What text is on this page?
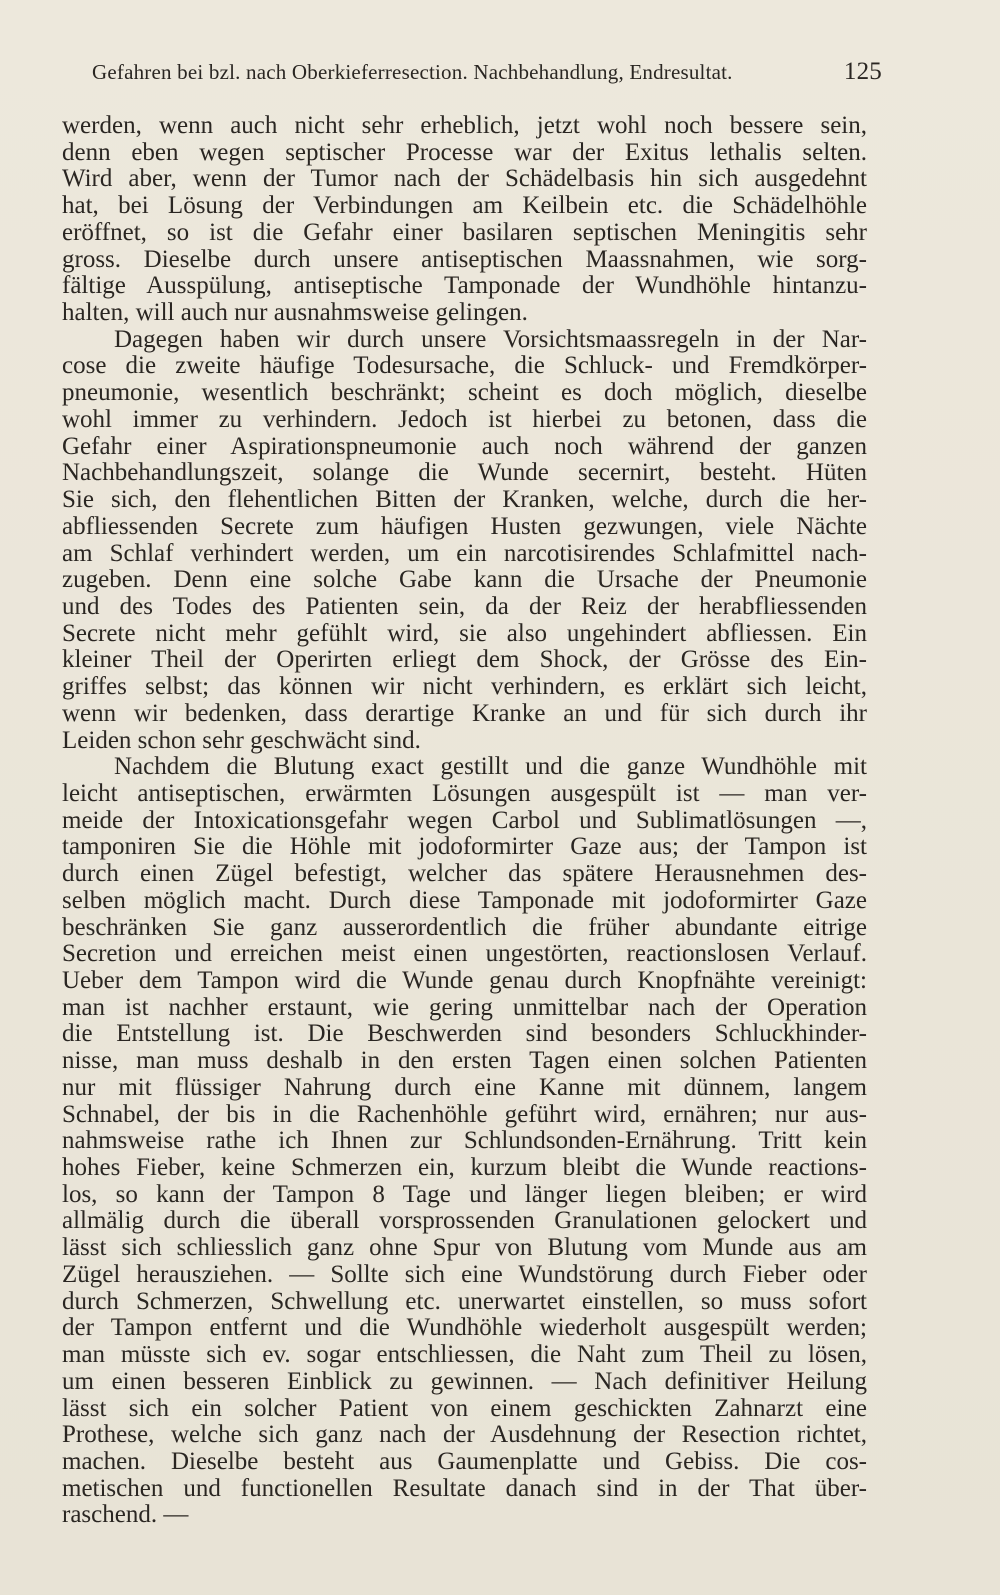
Gefahren bei bzl. nach Oberkieferresection. Nachbehandlung, Endresultat.	125
werden, wenn auch nicht sehr erheblich, jetzt wohl noch bessere sein,
denn eben wegen septischer Processe war der Exitus lethalis selten.
Wird aber, wenn der Tumor nach der Schädelbasis hin sich ausgedehnt
hat, bei Lösung der Verbindungen am Keilbein etc. die Schädelhöhle
eröffnet, so ist die Gefahr einer basilaren septischen Meningitis sehr
gross. Dieselbe durch unsere antiseptischen Maassnahmen, wie sorg-
fältige Ausspülung, antiseptische Tamponade der Wundhöhle hintanzu-
halten, will auch nur ausnahmsweise gelingen.
Dagegen haben wir durch unsere Vorsichtsmaassregeln in der Nar-
cose die zweite häufige Todesursache, die Schluck- und Fremdkörper-
pneumonie, wesentlich beschränkt; scheint es doch möglich, dieselbe
wohl immer zu verhindern. Jedoch ist hierbei zu betonen, dass die
Gefahr einer Aspirationspneumonie auch noch während der ganzen
Nachbehandlungszeit, solange die Wunde secernirt, besteht. Hüten
Sie sich, den flehentlichen Bitten der Kranken, welche, durch die her-
abfliessenden Secrete zum häufigen Husten gezwungen, viele Nächte
am Schlaf verhindert werden, um ein narcotisirendes Schlafmittel nach-
zugeben. Denn eine solche Gabe kann die Ursache der Pneumonie
und des Todes des Patienten sein, da der Reiz der herabfliessenden
Secrete nicht mehr gefühlt wird, sie also ungehindert abfliessen. Ein
kleiner Theil der Operirten erliegt dem Shock, der Grösse des Ein-
griffes selbst; das können wir nicht verhindern, es erklärt sich leicht,
wenn wir bedenken, dass derartige Kranke an und für sich durch ihr
Leiden schon sehr geschwächt sind.
Nachdem die Blutung exact gestillt und die ganze Wundhöhle mit
leicht antiseptischen, erwärmten Lösungen ausgespült ist — man ver-
meide der Intoxicationsgefahr wegen Carbol und Sublimatlösungen —,
tamponiren Sie die Höhle mit jodoformirter Gaze aus; der Tampon ist
durch einen Zügel befestigt, welcher das spätere Herausnehmen des-
selben möglich macht. Durch diese Tamponade mit jodoformirter Gaze
beschränken Sie ganz ausserordentlich die früher abundante eitrige
Secretion und erreichen meist einen ungestörten, reactionslosen Verlauf.
Ueber dem Tampon wird die Wunde genau durch Knopfnähte vereinigt:
man ist nachher erstaunt, wie gering unmittelbar nach der Operation
die Entstellung ist. Die Beschwerden sind besonders Schluckhinder-
nisse, man muss deshalb in den ersten Tagen einen solchen Patienten
nur mit flüssiger Nahrung durch eine Kanne mit dünnem, langem
Schnabel, der bis in die Rachenhöhle geführt wird, ernähren; nur aus-
nahmsweise rathe ich Ihnen zur Schlundsonden-Ernährung. Tritt kein
hohes Fieber, keine Schmerzen ein, kurzum bleibt die Wunde reactions-
los, so kann der Tampon 8 Tage und länger liegen bleiben; er wird
allmälig durch die überall vorsprossenden Granulationen gelockert und
lässt sich schliesslich ganz ohne Spur von Blutung vom Munde aus am
Zügel herausziehen. — Sollte sich eine Wundstörung durch Fieber oder
durch Schmerzen, Schwellung etc. unerwartet einstellen, so muss sofort
der Tampon entfernt und die Wundhöhle wiederholt ausgespült werden;
man müsste sich ev. sogar entschliessen, die Naht zum Theil zu lösen,
um einen besseren Einblick zu gewinnen. — Nach definitiver Heilung
lässt sich ein solcher Patient von einem geschickten Zahnarzt eine
Prothese, welche sich ganz nach der Ausdehnung der Resection richtet,
machen. Dieselbe besteht aus Gaumenplatte und Gebiss. Die cos-
metischen und functionellen Resultate danach sind in der That über-
raschend. —
